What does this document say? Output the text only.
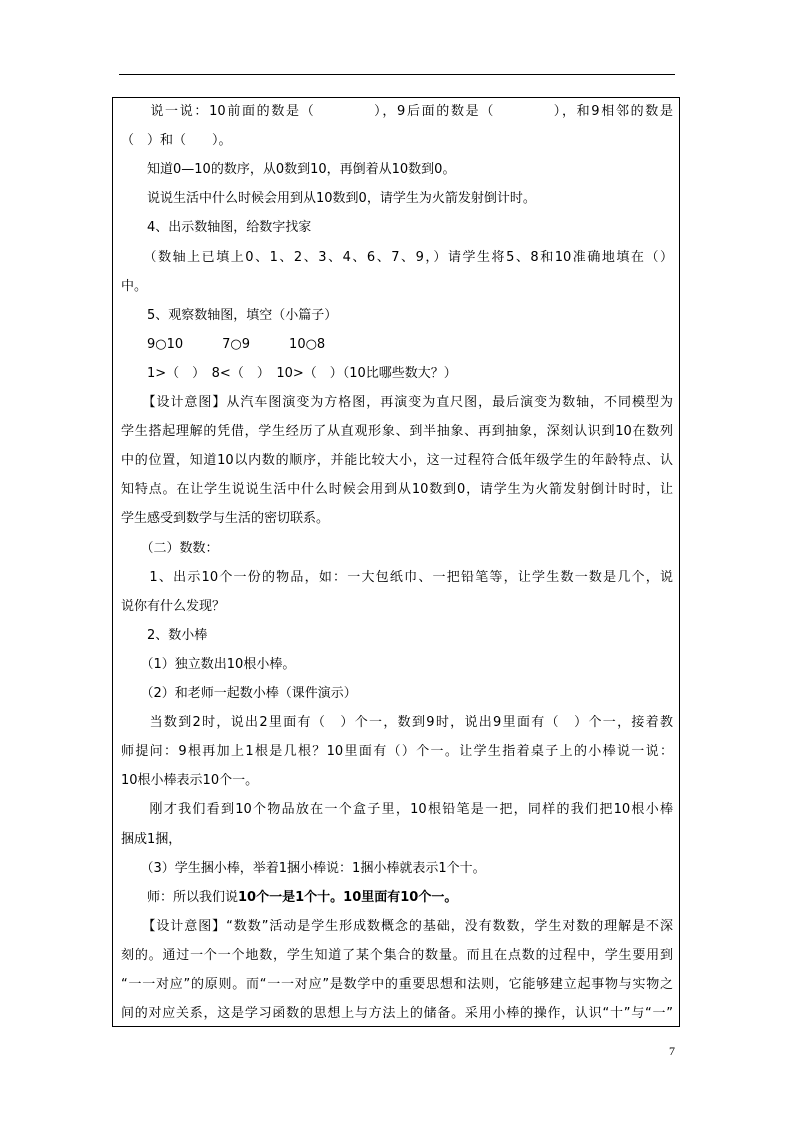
　　说一说：10前面的数是（　　　　），9后面的数是（　　　　），和9相邻的数是
（　）和（　　）。
　　知道0—10的数序，从0数到10，再倒着从10数到0。
　　说说生活中什么时候会用到从10数到0，请学生为火箭发射倒计时。
　　4、出示数轴图，给数字找家
　　（数轴上已填上0、1、2、3、4、6、7、9，）请学生将5、8和10准确地填在（）
中。
　　5、观察数轴图，填空（小篇子）
　　9○10　　　7○9　　　10○8
　　1>（　）　8<（　）　10>（　）（10比哪些数大？）
　　【设计意图】从汽车图演变为方格图，再演变为直尺图，最后演变为数轴，不同模型为
学生搭起理解的凭借，学生经历了从直观形象、到半抽象、再到抽象，深刻认识到10在数列
中的位置，知道10以内数的顺序，并能比较大小，这一过程符合低年级学生的年龄特点、认
知特点。在让学生说说生活中什么时候会用到从10数到0，请学生为火箭发射倒计时时，让
学生感受到数学与生活的密切联系。
　　（二）数数：
　　1、出示10个一份的物品，如：一大包纸巾、一把铅笔等，让学生数一数是几个，说
说你有什么发现？
　　2、数小棒
　　（1）独立数出10根小棒。
　　（2）和老师一起数小棒（课件演示）
　　当数到2时，说出2里面有（　）个一，数到9时，说出9里面有（　）个一，接着教
师提问：9根再加上1根是几根？10里面有（）个一。让学生指着桌子上的小棒说一说：
10根小棒表示10个一。
　　刚才我们看到10个物品放在一个盒子里，10根铅笔是一把，同样的我们把10根小棒
捆成1捆，
　　（3）学生捆小棒，举着1捆小棒说：1捆小棒就表示1个十。
　　师：所以我们说10个一是1个十。10里面有10个一。
　　【设计意图】“数数”活动是学生形成数概念的基础，没有数数，学生对数的理解是不深
刻的。通过一个一个地数，学生知道了某个集合的数量。而且在点数的过程中，学生要用到
“一一对应”的原则。而“一一对应”是数学中的重要思想和法则，它能够建立起事物与实物之
间的对应关系，这是学习函数的思想上与方法上的储备。采用小棒的操作，认识“十”与“一”
7
